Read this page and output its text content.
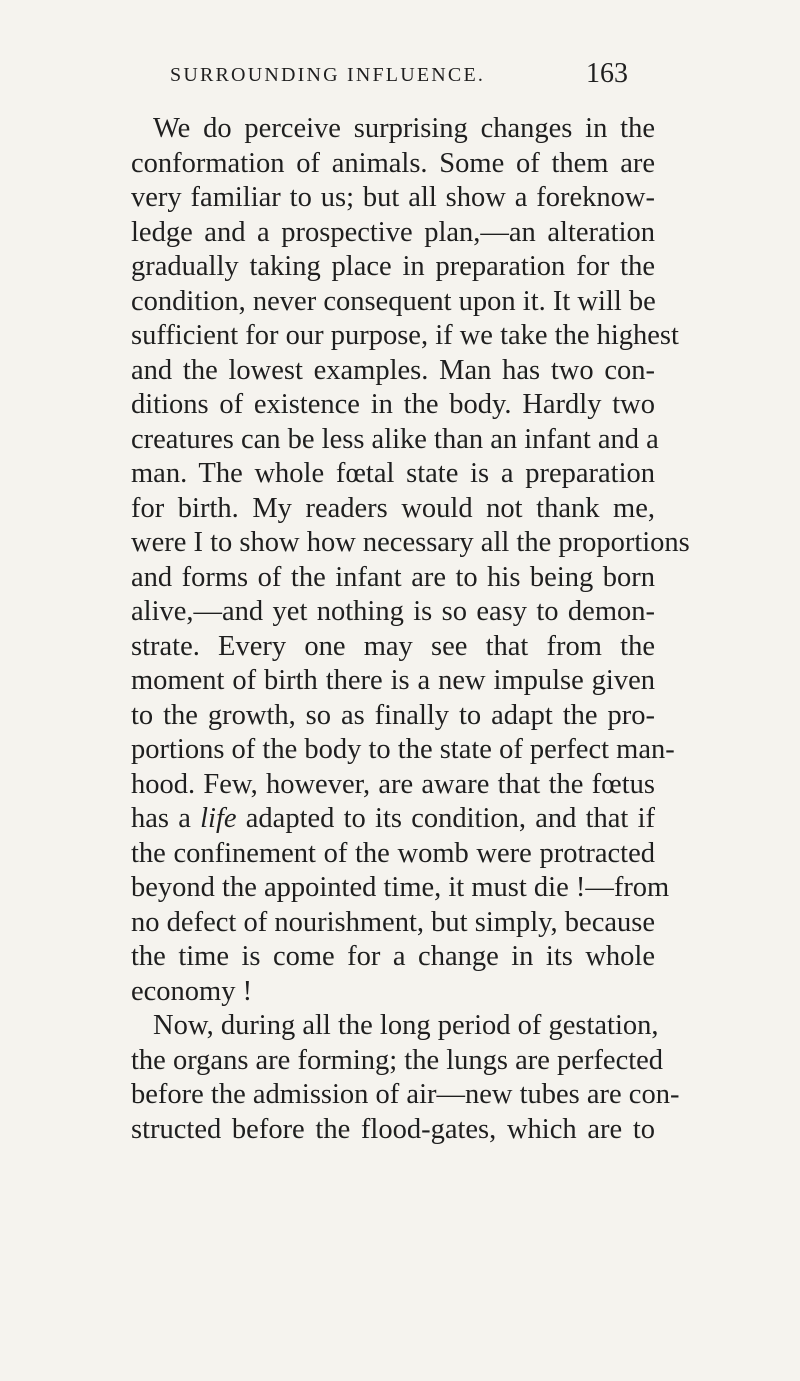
SURROUNDING INFLUENCE.	163
We do perceive surprising changes in the
conformation of animals. Some of them are
very familiar to us; but all show a foreknow-
ledge and a prospective plan,—an alteration
gradually taking place in preparation for the
condition, never consequent upon it. It will be
sufficient for our purpose, if we take the highest
and the lowest examples. Man has two con-
ditions of existence in the body. Hardly two
creatures can be less alike than an infant and a
man. The whole fœtal state is a preparation
for birth. My readers would not thank me,
were I to show how necessary all the proportions
and forms of the infant are to his being born
alive,—and yet nothing is so easy to demon-
strate. Every one may see that from the
moment of birth there is a new impulse given
to the growth, so as finally to adapt the pro-
portions of the body to the state of perfect man-
hood. Few, however, are aware that the fœtus
has a life adapted to its condition, and that if
the confinement of the womb were protracted
beyond the appointed time, it must die !—from
no defect of nourishment, but simply, because
the time is come for a change in its whole
economy !
Now, during all the long period of gestation,
the organs are forming; the lungs are perfected
before the admission of air—new tubes are con-
structed before the flood-gates, which are to
